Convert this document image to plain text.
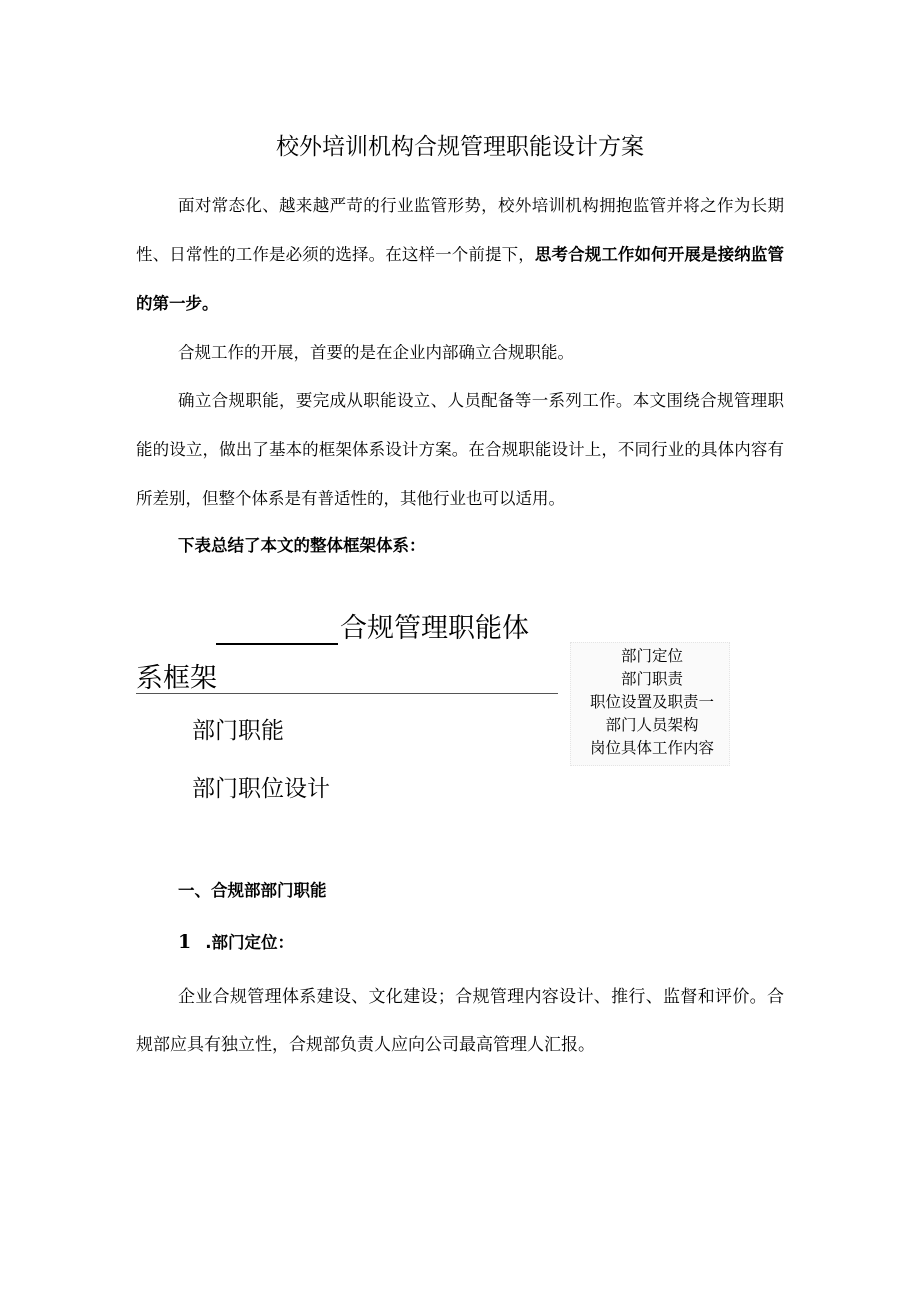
校外培训机构合规管理职能设计方案
面对常态化、越来越严苛的行业监管形势，校外培训机构拥抱监管并将之作为长期性、日常性的工作是必须的选择。在这样一个前提下，思考合规工作如何开展是接纳监管的第一步。
合规工作的开展，首要的是在企业内部确立合规职能。
确立合规职能，要完成从职能设立、人员配备等一系列工作。本文围绕合规管理职能的设立，做出了基本的框架体系设计方案。在合规职能设计上，不同行业的具体内容有所差别，但整个体系是有普适性的，其他行业也可以适用。
下表总结了本文的整体框架体系：
合规管理职能体
系框架
部门职能
部门职位设计
部门定位
部门职责
职位设置及职责一
部门人员架构
岗位具体工作内容
一、合规部部门职能
1 .部门定位：
企业合规管理体系建设、文化建设；合规管理内容设计、推行、监督和评价。合规部应具有独立性，合规部负责人应向公司最高管理人汇报。
